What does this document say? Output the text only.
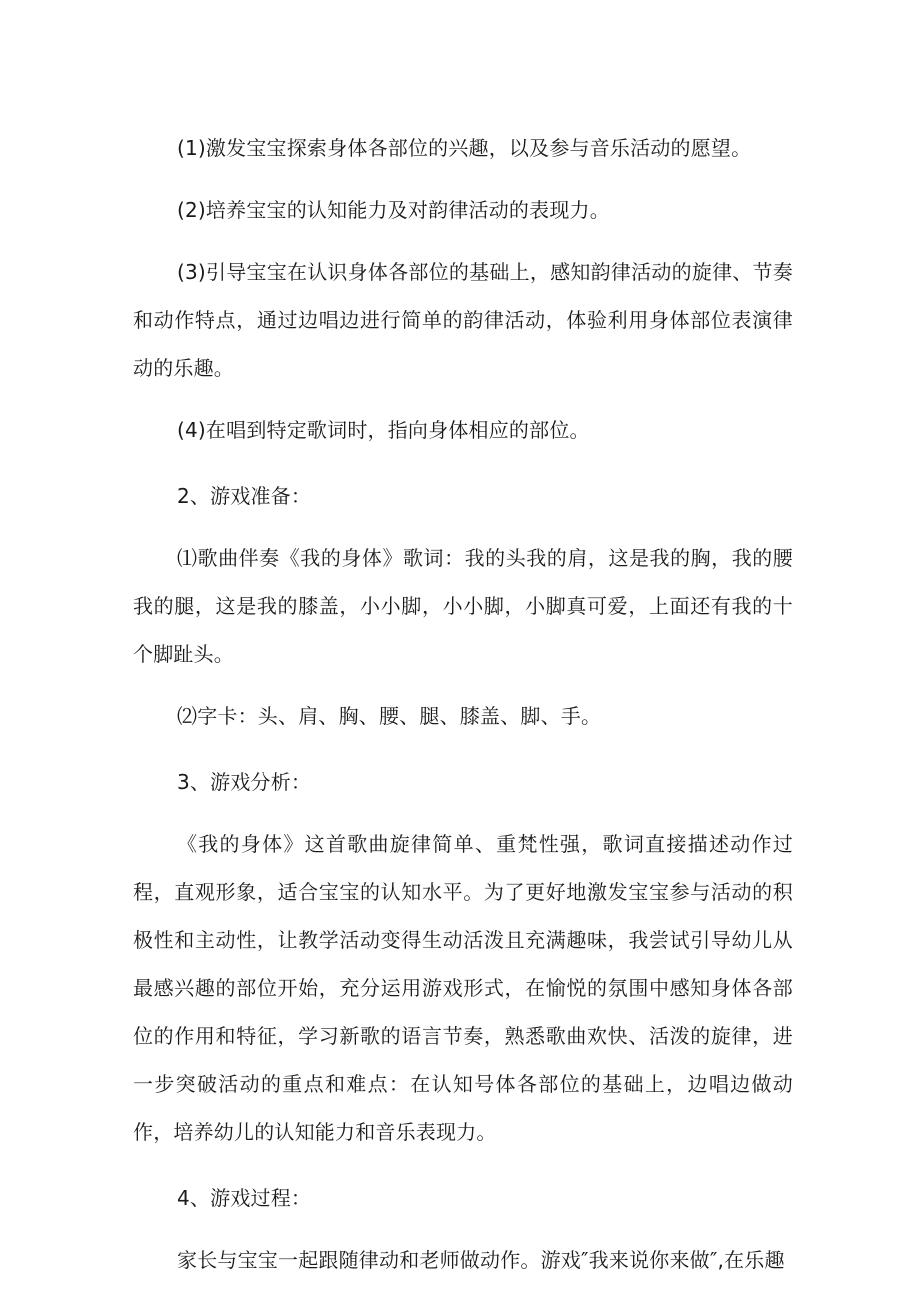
(1)激发宝宝探索身体各部位的兴趣，以及参与音乐活动的愿望。

(2)培养宝宝的认知能力及对韵律活动的表现力。

(3)引导宝宝在认识身体各部位的基础上，感知韵律活动的旋律、节奏和动作特点，通过边唱边进行简单的韵律活动，体验利用身体部位表演律动的乐趣。

(4)在唱到特定歌词时，指向身体相应的部位。

2、游戏准备：

⑴歌曲伴奏《我的身体》歌词：我的头我的肩，这是我的胸，我的腰我的腿，这是我的膝盖，小小脚，小小脚，小脚真可爱，上面还有我的十个脚趾头。

⑵字卡：头、肩、胸、腰、腿、膝盖、脚、手。

3、游戏分析：

《我的身体》这首歌曲旋律简单、重梵性强，歌词直接描述动作过程，直观形象，适合宝宝的认知水平。为了更好地激发宝宝参与活动的积极性和主动性，让教学活动变得生动活泼且充满趣味，我尝试引导幼儿从最感兴趣的部位开始，充分运用游戏形式，在愉悦的氛围中感知身体各部位的作用和特征，学习新歌的语言节奏，熟悉歌曲欢快、活泼的旋律，进一步突破活动的重点和难点：在认知号体各部位的基础上，边唱边做动作，培养幼儿的认知能力和音乐表现力。

4、游戏过程：

家长与宝宝一起跟随律动和老师做动作。游戏″我来说你来做″,在乐趣
